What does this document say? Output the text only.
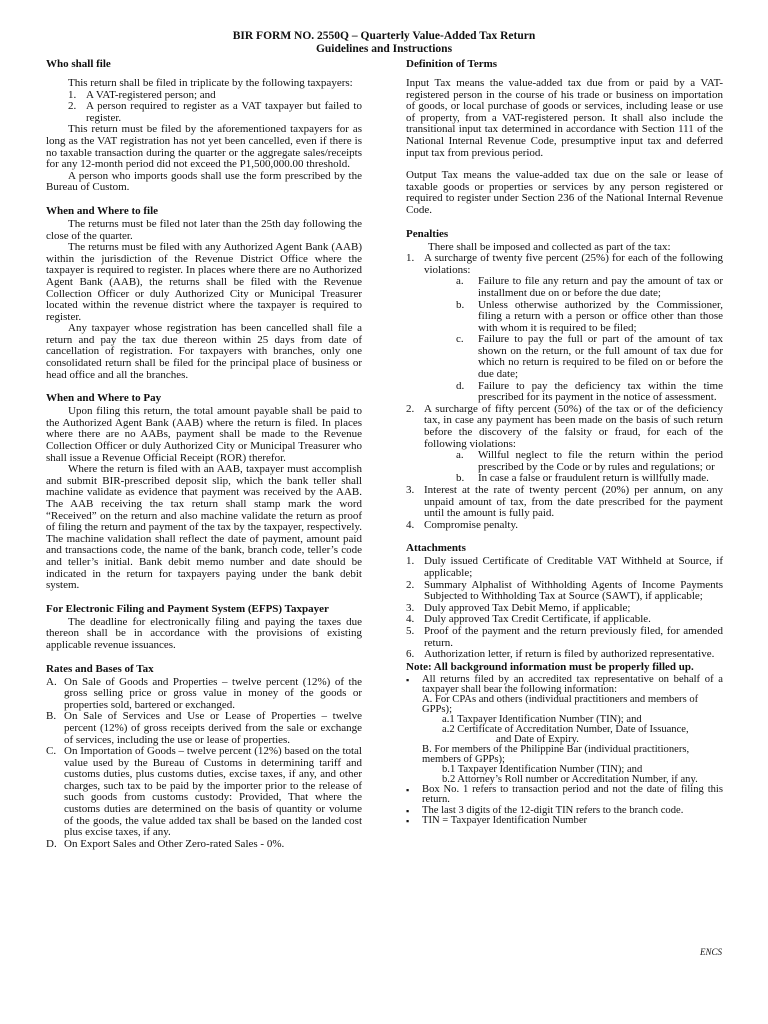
BIR FORM NO. 2550Q – Quarterly Value-Added Tax Return
Guidelines and Instructions
Who shall file

This return shall be filed in triplicate by the following taxpayers:

1. A VAT-registered person; and
2. A person required to register as a VAT taxpayer but failed to register.

This return must be filed by the aforementioned taxpayers for as long as the VAT registration has not yet been cancelled, even if there is no taxable transaction during the quarter or the aggregate sales/receipts for any 12-month period did not exceed the P1,500,000.00 threshold.

A person who imports goods shall use the form prescribed by the Bureau of Custom.

When and Where to file

The returns must be filed not later than the 25th day following the close of the quarter.

The returns must be filed with any Authorized Agent Bank (AAB) within the jurisdiction of the Revenue District Office where the taxpayer is required to register. In places where there are no Authorized Agent Bank (AAB), the returns shall be filed with the Revenue Collection Officer or duly Authorized City or Municipal Treasurer located within the revenue district where the taxpayer is required to register.

Any taxpayer whose registration has been cancelled shall file a return and pay the tax due thereon within 25 days from date of cancellation of registration. For taxpayers with branches, only one consolidated return shall be filed for the principal place of business or head office and all the branches.

When and Where to Pay

Upon filing this return, the total amount payable shall be paid to the Authorized Agent Bank (AAB) where the return is filed. In places where there are no AABs, payment shall be made to the Revenue Collection Officer or duly Authorized City or Municipal Treasurer who shall issue a Revenue Official Receipt (ROR) therefor.

Where the return is filed with an AAB, taxpayer must accomplish and submit BIR-prescribed deposit slip, which the bank teller shall machine validate as evidence that payment was received by the AAB. The AAB receiving the tax return shall stamp mark the word “Received” on the return and also machine validate the return as proof of filing the return and payment of the tax by the taxpayer, respectively. The machine validation shall reflect the date of payment, amount paid and transactions code, the name of the bank, branch code, teller’s code and teller’s initial. Bank debit memo number and date should be indicated in the return for taxpayers paying under the bank debit system.

For Electronic Filing and Payment System (EFPS) Taxpayer

The deadline for electronically filing and paying the taxes due thereon shall be in accordance with the provisions of existing applicable revenue issuances.

Rates and Bases of Tax
A. On Sale of Goods and Properties – twelve percent (12%) of the gross selling price or gross value in money of the goods or properties sold, bartered or exchanged.
B. On Sale of Services and Use or Lease of Properties – twelve percent (12%) of gross receipts derived from the sale or exchange of services, including the use or lease of properties.
C. On Importation of Goods – twelve percent (12%) based on the total value used by the Bureau of Customs in determining tariff and customs duties, plus customs duties, excise taxes, if any, and other charges, such tax to be paid by the importer prior to the release of such goods from customs custody: Provided, That where the customs duties are determined on the basis of quantity or volume of the goods, the value added tax shall be based on the landed cost plus excise taxes, if any.
D. On Export Sales and Other Zero-rated Sales - 0%.
Definition of Terms

Input Tax means the value-added tax due from or paid by a VAT-registered person in the course of his trade or business on importation of goods, or local purchase of goods or services, including lease or use of property, from a VAT-registered person. It shall also include the transitional input tax determined in accordance with Section 111 of the National Internal Revenue Code, presumptive input tax and deferred input tax from previous period.

Output Tax means the value-added tax due on the sale or lease of taxable goods or properties or services by any person registered or required to register under Section 236 of the National Internal Revenue Code.

Penalties

There shall be imposed and collected as part of the tax:

1. A surcharge of twenty five percent (25%) for each of the following violations:
a.	Failure to file any return and pay the amount of tax or installment due on or before the due date;
b.	Unless otherwise authorized by the Commissioner, filing a return with a person or office other than those with whom it is required to be filed;
c.	Failure to pay the full or part of the amount of tax shown on the return, or the full amount of tax due for which no return is required to be filed on or before the due date;
d.	Failure to pay the deficiency tax within the time prescribed for its payment in the notice of assessment.
2. A surcharge of fifty percent (50%) of the tax or of the deficiency tax, in case any payment has been made on the basis of such return before the discovery of the falsity or fraud, for each of the following violations:
a.	Willful neglect to file the return within the period prescribed by the Code or by rules and regulations; or
b.	In case a false or fraudulent return is willfully made.
3. Interest at the rate of twenty percent (20%) per annum, on any unpaid amount of tax, from the date prescribed for the payment until the amount is fully paid.
4. Compromise penalty.
Attachments
1. Duly issued Certificate of Creditable VAT Withheld at Source, if applicable;
2. Summary Alphalist of Withholding Agents of Income Payments Subjected to Withholding Tax at Source (SAWT), if applicable;
3. Duly approved Tax Debit Memo, if applicable;
4. Duly approved Tax Credit Certificate, if applicable.
5. Proof of the payment and the return previously filed, for amended return.
6. Authorization letter, if return is filed by authorized representative.
Note: All background information must be properly filled up.
▪	All returns filed by an accredited tax representative on behalf of a taxpayer shall bear the following information:
A. For CPAs and others (individual practitioners and members of GPPs);
a.1 Taxpayer Identification Number (TIN); and
a.2 Certificate of Accreditation Number, Date of Issuance,
and Date of Expiry.
B. For members of the Philippine Bar (individual practitioners, members of GPPs);
b.1 Taxpayer Identification Number (TIN); and
b.2 Attorney’s Roll number or Accreditation Number, if any.
▪	Box No. 1 refers to transaction period and not the date of filing this return.
▪	The last 3 digits of the 12-digit TIN refers to the branch code.
▪	TIN = Taxpayer Identification Number
ENCS
